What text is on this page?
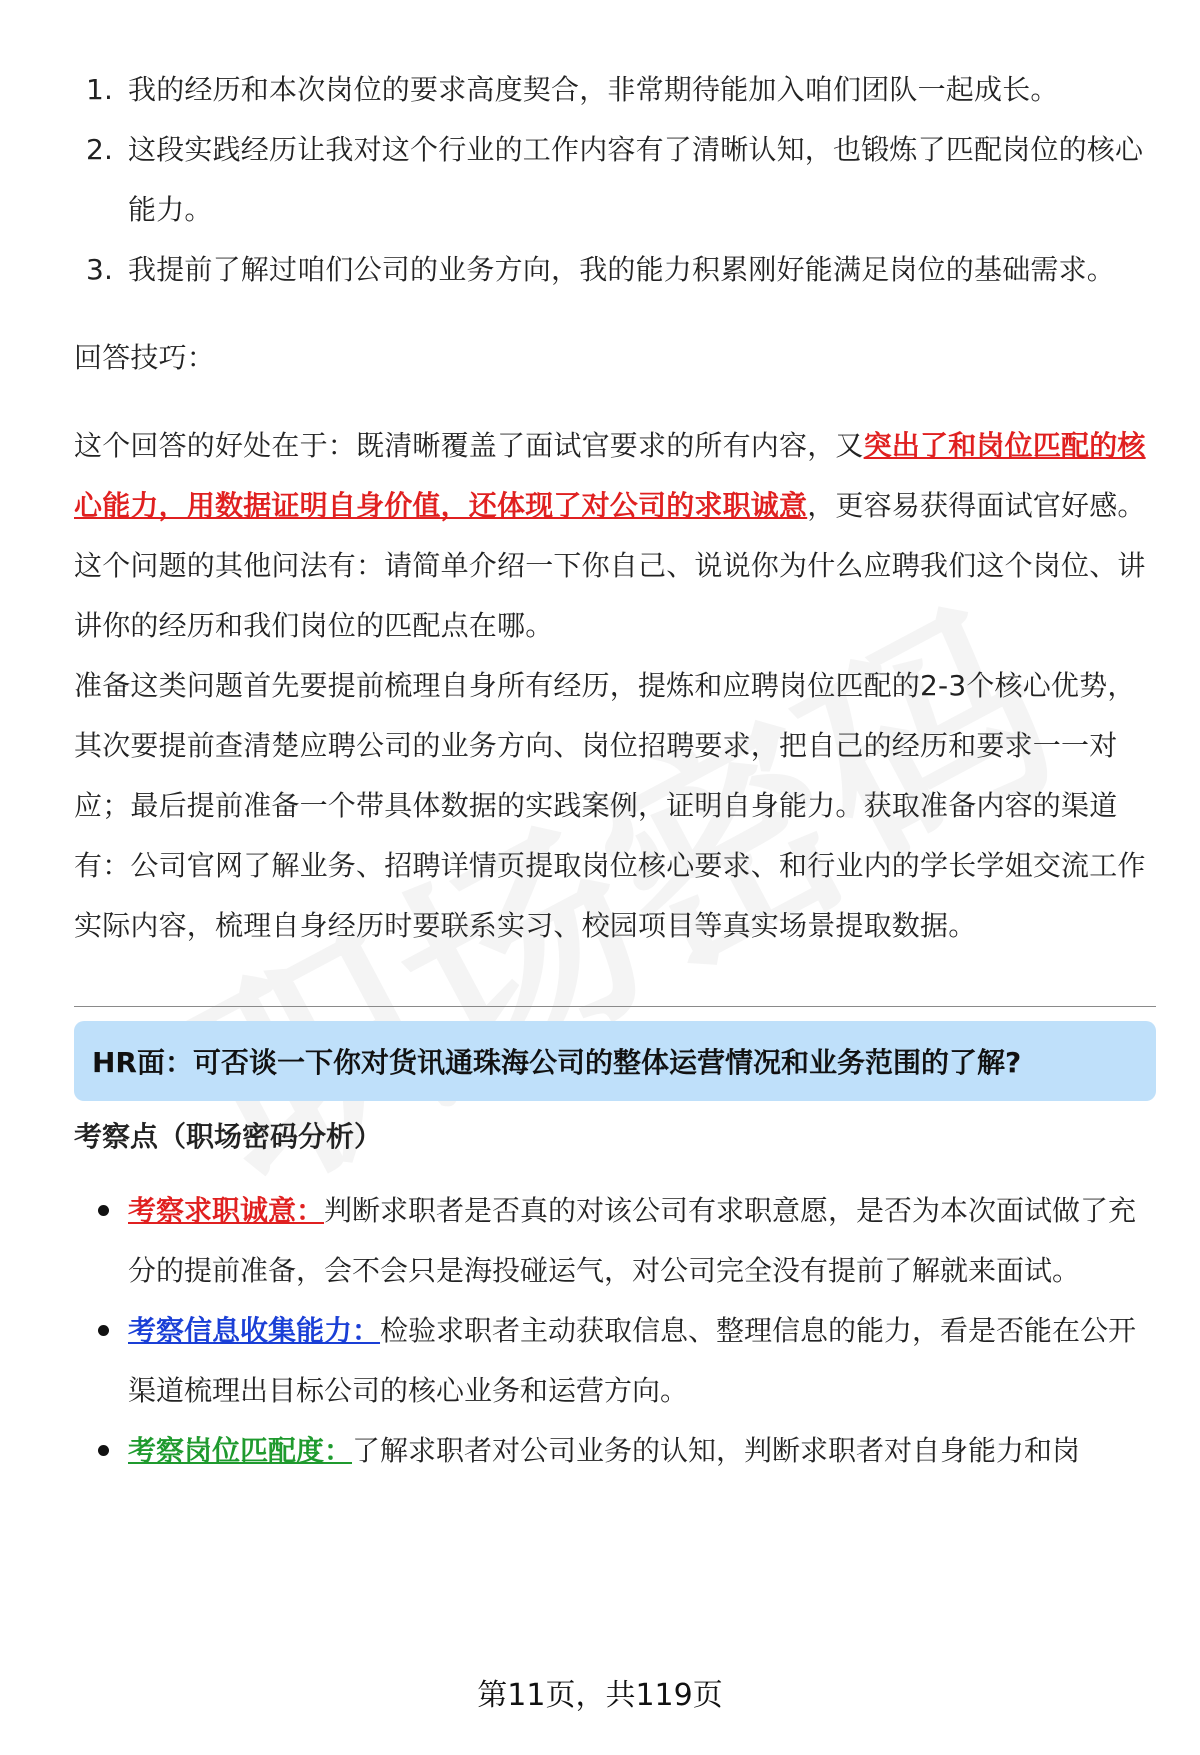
1. 我的经历和本次岗位的要求高度契合，非常期待能加入咱们团队一起成长。
2. 这段实践经历让我对这个行业的工作内容有了清晰认知，也锻炼了匹配岗位的核心能力。
3. 我提前了解过咱们公司的业务方向，我的能力积累刚好能满足岗位的基础需求。

回答技巧：

这个回答的好处在于：既清晰覆盖了面试官要求的所有内容，又突出了和岗位匹配的核心能力，用数据证明自身价值，还体现了对公司的求职诚意，更容易获得面试官好感。这个问题的其他问法有：请简单介绍一下你自己、说说你为什么应聘我们这个岗位、讲讲你的经历和我们岗位的匹配点在哪。

准备这类问题首先要提前梳理自身所有经历，提炼和应聘岗位匹配的2-3个核心优势，其次要提前查清楚应聘公司的业务方向、岗位招聘要求，把自己的经历和要求一一对应；最后提前准备一个带具体数据的实践案例，证明自身能力。获取准备内容的渠道有：公司官网了解业务、招聘详情页提取岗位核心要求、和行业内的学长学姐交流工作实际内容，梳理自身经历时要联系实习、校园项目等真实场景提取数据。

HR面：可否谈一下你对货讯通珠海公司的整体运营情况和业务范围的了解?

考察点（职场密码分析）

考察求职诚意：判断求职者是否真的对该公司有求职意愿，是否为本次面试做了充分的提前准备，会不会只是海投碰运气，对公司完全没有提前了解就来面试。
考察信息收集能力：检验求职者主动获取信息、整理信息的能力，看是否能在公开渠道梳理出目标公司的核心业务和运营方向。
考察岗位匹配度：了解求职者对公司业务的认知，判断求职者对自身能力和岗
第11页，共119页
